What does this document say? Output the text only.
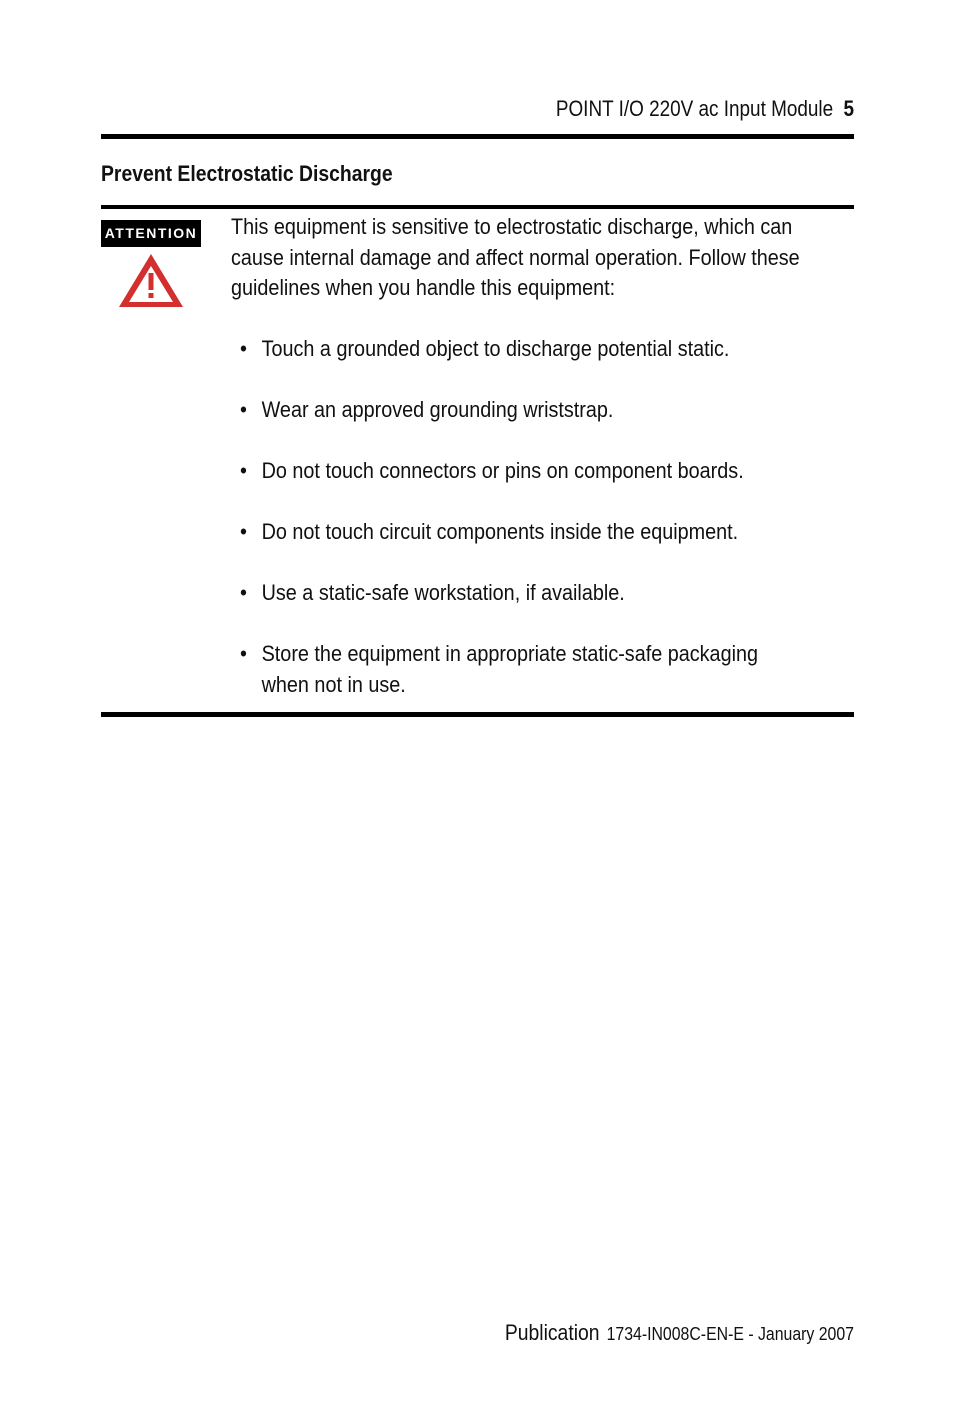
POINT I/O 220V ac Input Module 5
Prevent Electrostatic Discharge
ATTENTION This equipment is sensitive to electrostatic discharge, which can cause internal damage and affect normal operation. Follow these guidelines when you handle this equipment:

• Touch a grounded object to discharge potential static.
• Wear an approved grounding wriststrap.
• Do not touch connectors or pins on component boards.
• Do not touch circuit components inside the equipment.
• Use a static-safe workstation, if available.
• Store the equipment in appropriate static-safe packaging when not in use.
Publication 1734-IN008C-EN-E - January 2007
